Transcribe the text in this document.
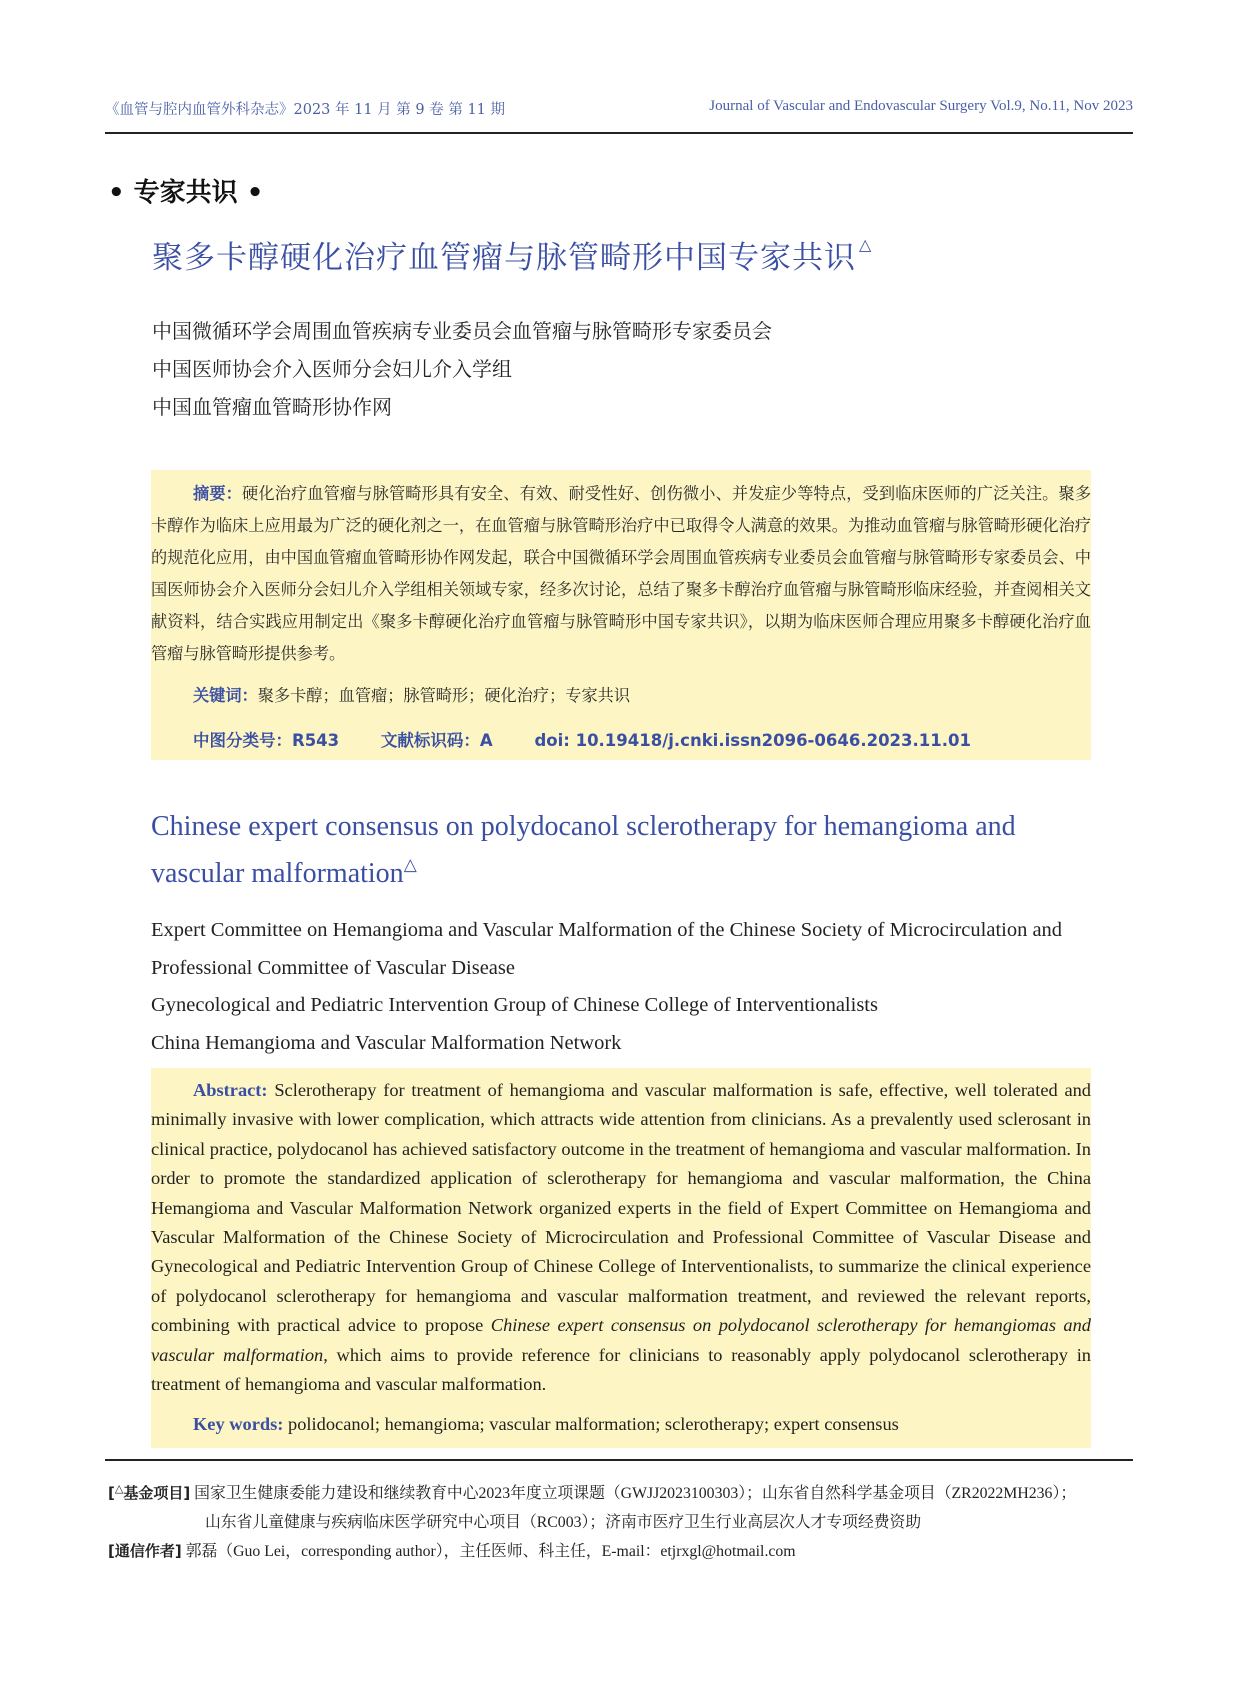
《血管与腔内血管外科杂志》2023 年 11 月 第 9 卷 第 11 期	Journal of Vascular and Endovascular Surgery Vol.9, No.11, Nov 2023
• 专家共识 •
聚多卡醇硬化治疗血管瘤与脉管畸形中国专家共识 △
中国微循环学会周围血管疾病专业委员会血管瘤与脉管畸形专家委员会
中国医师协会介入医师分会妇儿介入学组
中国血管瘤血管畸形协作网

摘要：硬化治疗血管瘤与脉管畸形具有安全、有效、耐受性好、创伤微小、并发症少等特点，受到临床医师的广泛关注。聚多卡醇作为临床上应用最为广泛的硬化剂之一，在血管瘤与脉管畸形治疗中已取得令人满意的效果。为推动血管瘤与脉管畸形硬化治疗的规范化应用，由中国血管瘤血管畸形协作网发起，联合中国微循环学会周围血管疾病专业委员会血管瘤与脉管畸形专家委员会、中国医师协会介入医师分会妇儿介入学组相关领域专家，经多次讨论，总结了聚多卡醇治疗血管瘤与脉管畸形临床经验，并查阅相关文献资料，结合实践应用制定出《聚多卡醇硬化治疗血管瘤与脉管畸形中国专家共识》，以期为临床医师合理应用聚多卡醇硬化治疗血管瘤与脉管畸形提供参考。

关键词：聚多卡醇；血管瘤；脉管畸形；硬化治疗；专家共识
中图分类号：R543	文献标识码：A	doi: 10.19418/j.cnki.issn2096-0646.2023.11.01
Chinese expert consensus on polydocanol sclerotherapy for hemangioma and vascular malformation△
Expert Committee on Hemangioma and Vascular Malformation of the Chinese Society of Microcirculation and
Professional Committee of Vascular Disease
Gynecological and Pediatric Intervention Group of Chinese College of Interventionalists
China Hemangioma and Vascular Malformation Network

Abstract: Sclerotherapy for treatment of hemangioma and vascular malformation is safe, effective, well tolerated and minimally invasive with lower complication, which attracts wide attention from clinicians. As a prevalently used sclerosant in clinical practice, polydocanol has achieved satisfactory outcome in the treatment of hemangioma and vascular malformation. In order to promote the standardized application of sclerotherapy for hemangioma and vascular malformation, the China Hemangioma and Vascular Malformation Network organized experts in the field of Expert Committee on Hemangioma and Vascular Malformation of the Chinese Society of Microcirculation and Professional Committee of Vascular Disease and Gynecological and Pediatric Intervention Group of Chinese College of Interventionalists, to summarize the clinical experience of polydocanol sclerotherapy for hemangioma and vascular malformation treatment, and reviewed the relevant reports, combining with practical advice to propose Chinese expert consensus on polydocanol sclerotherapy for hemangiomas and vascular malformation, which aims to provide reference for clinicians to reasonably apply polydocanol sclerotherapy in treatment of hemangioma and vascular malformation.

Key words: polidocanol; hemangioma; vascular malformation; sclerotherapy; expert consensus
[△基金项目] 国家卫生健康委能力建设和继续教育中心2023年度立项课题（GWJJ2023100303）；山东省自然科学基金项目（ZR2022MH236）；
山东省儿童健康与疾病临床医学研究中心项目（RC003）；济南市医疗卫生行业高层次人才专项经费资助
[通信作者] 郭磊（Guo Lei，corresponding author），主任医师、科主任，E-mail：etjrxgl@hotmail.com
